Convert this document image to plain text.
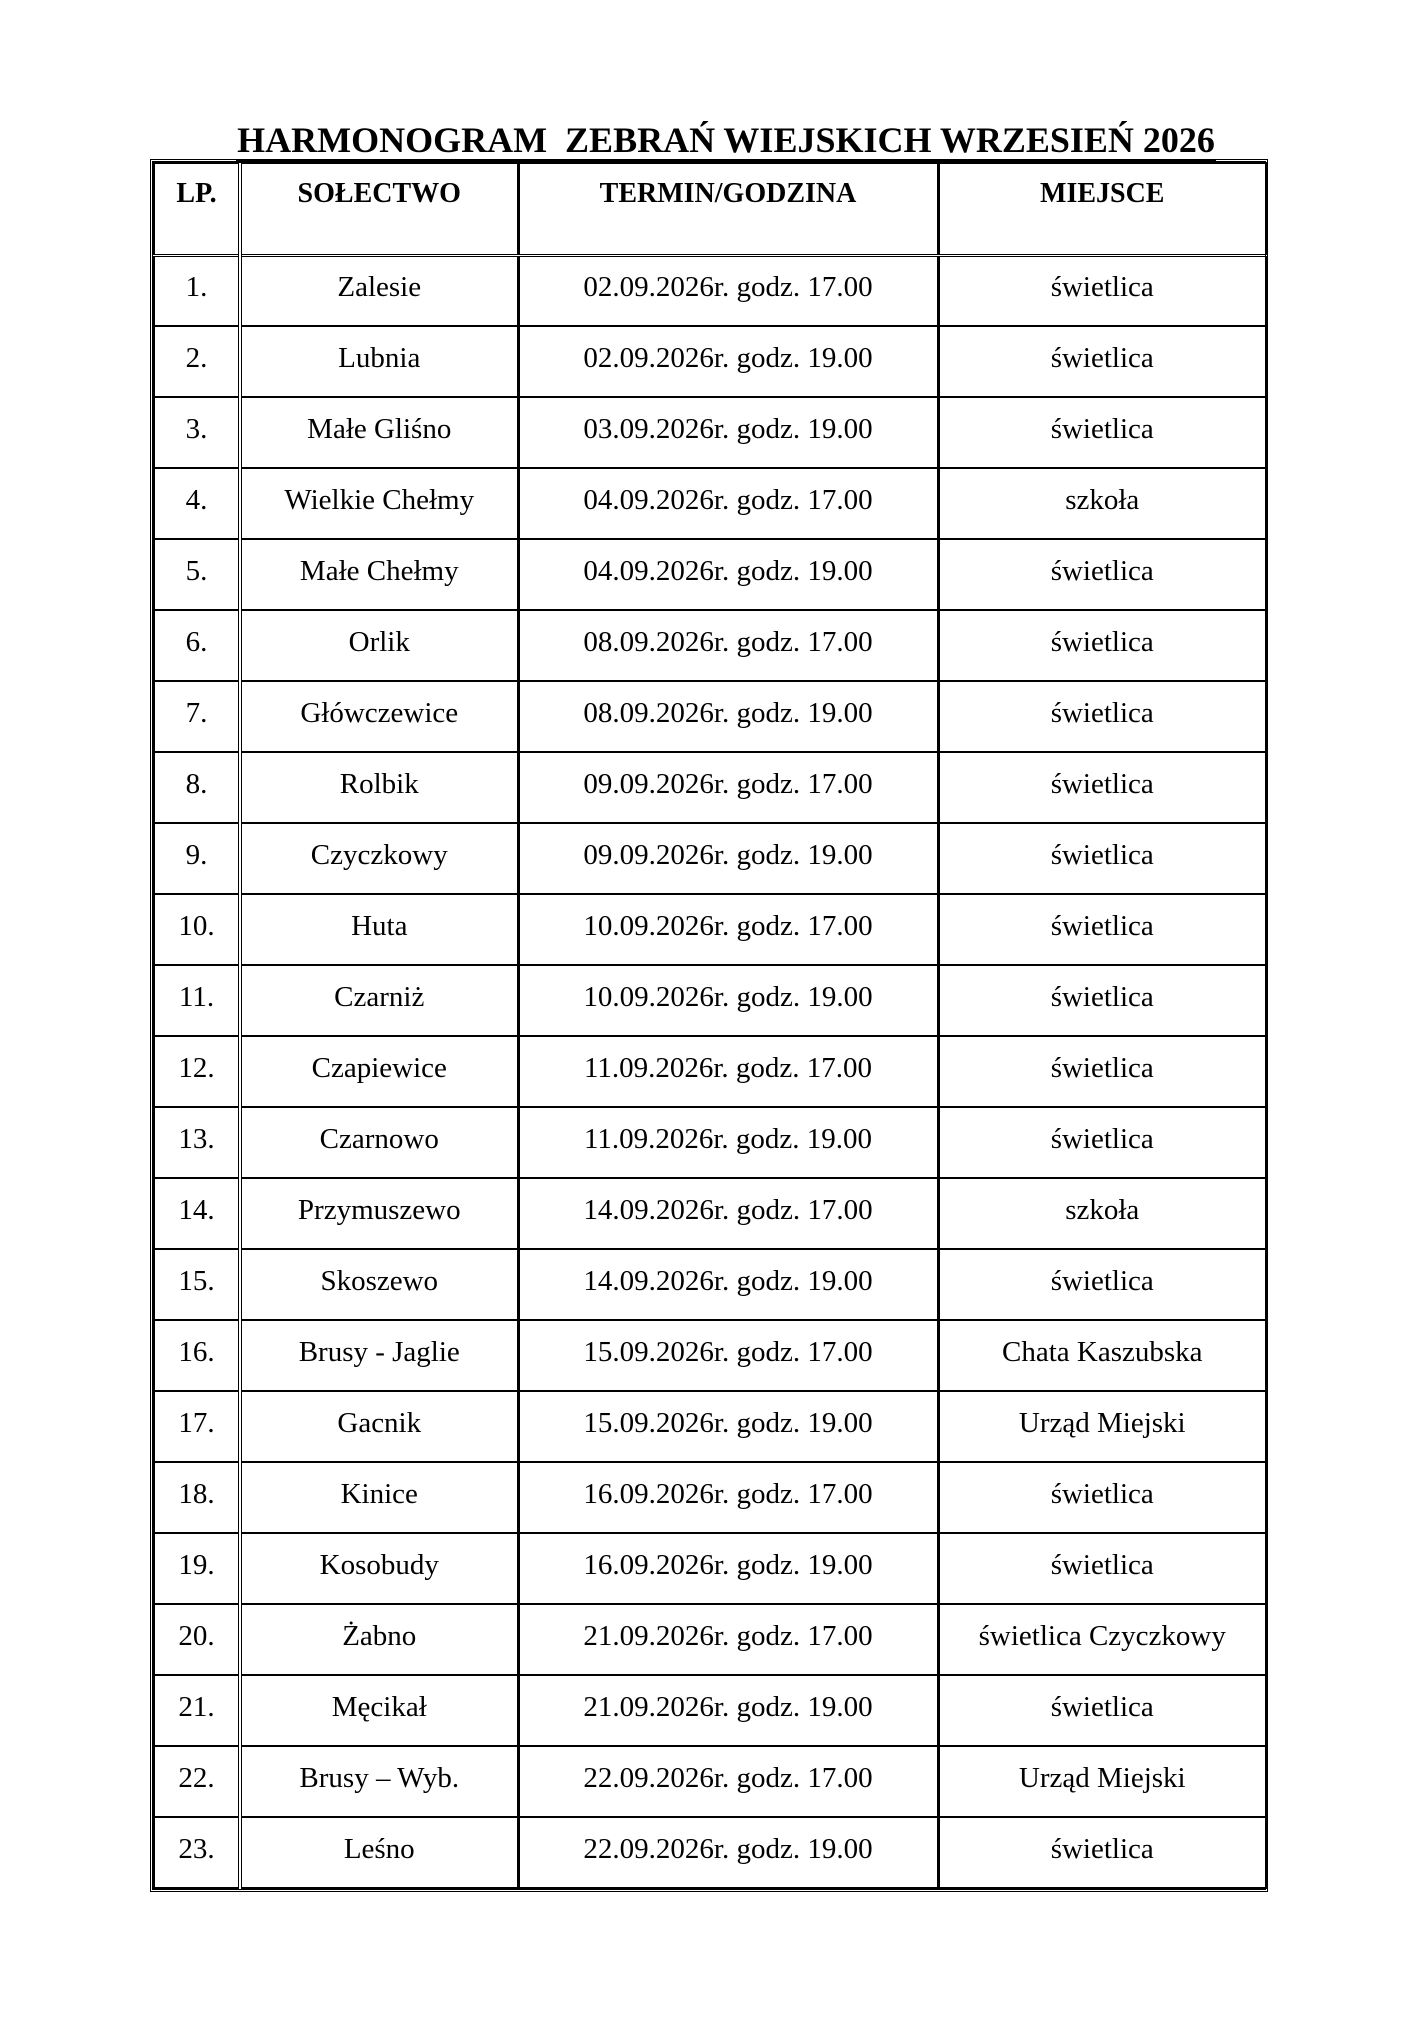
HARMONOGRAM  ZEBRAŃ WIEJSKICH WRZESIEŃ 2026

LP.	SOŁECTWO	TERMIN/GODZINA	MIEJSCE
1.	Zalesie	02.09.2026r. godz. 17.00	świetlica
2.	Lubnia	02.09.2026r. godz. 19.00	świetlica
3.	Małe Gliśno	03.09.2026r. godz. 19.00	świetlica
4.	Wielkie Chełmy	04.09.2026r. godz. 17.00	szkoła
5.	Małe Chełmy	04.09.2026r. godz. 19.00	świetlica
6.	Orlik	08.09.2026r. godz. 17.00	świetlica
7.	Główczewice	08.09.2026r. godz. 19.00	świetlica
8.	Rolbik	09.09.2026r. godz. 17.00	świetlica
9.	Czyczkowy	09.09.2026r. godz. 19.00	świetlica
10.	Huta	10.09.2026r. godz. 17.00	świetlica
11.	Czarniż	10.09.2026r. godz. 19.00	świetlica
12.	Czapiewice	11.09.2026r. godz. 17.00	świetlica
13.	Czarnowo	11.09.2026r. godz. 19.00	świetlica
14.	Przymuszewo	14.09.2026r. godz. 17.00	szkoła
15.	Skoszewo	14.09.2026r. godz. 19.00	świetlica
16.	Brusy - Jaglie	15.09.2026r. godz. 17.00	Chata Kaszubska
17.	Gacnik	15.09.2026r. godz. 19.00	Urząd Miejski
18.	Kinice	16.09.2026r. godz. 17.00	świetlica
19.	Kosobudy	16.09.2026r. godz. 19.00	świetlica
20.	Żabno	21.09.2026r. godz. 17.00	świetlica Czyczkowy
21.	Męcikał	21.09.2026r. godz. 19.00	świetlica
22.	Brusy – Wyb.	22.09.2026r. godz. 17.00	Urząd Miejski
23.	Leśno	22.09.2026r. godz. 19.00	świetlica
